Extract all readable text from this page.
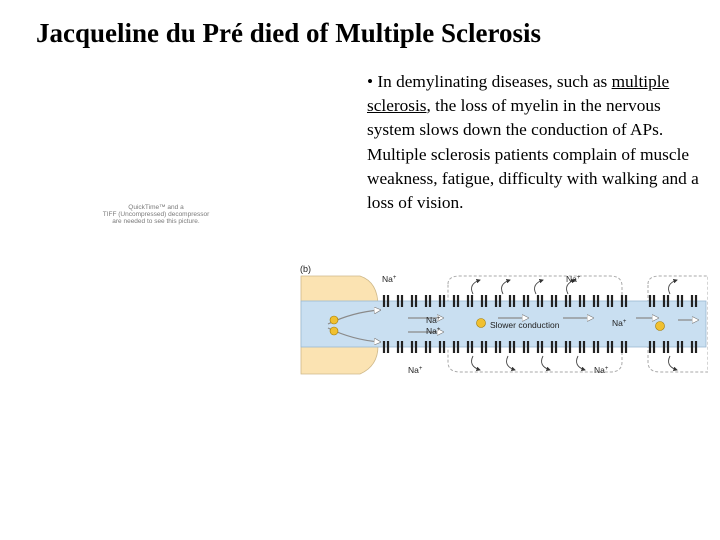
Jacqueline du Pré died of Multiple Sclerosis
QuickTime™ and a
TIFF (Uncompressed) decompressor
are needed to see this picture.

• In demylinating diseases, such as multiple sclerosis, the loss of myelin in the nervous system slows down the conduction of APs. Multiple sclerosis patients complain of muscle weakness, fatigue, difficulty with walking and a loss of vision.

(b)
Na+	Na+
Na+
Na+
Na+
Na+	Na+
Slower conduction
